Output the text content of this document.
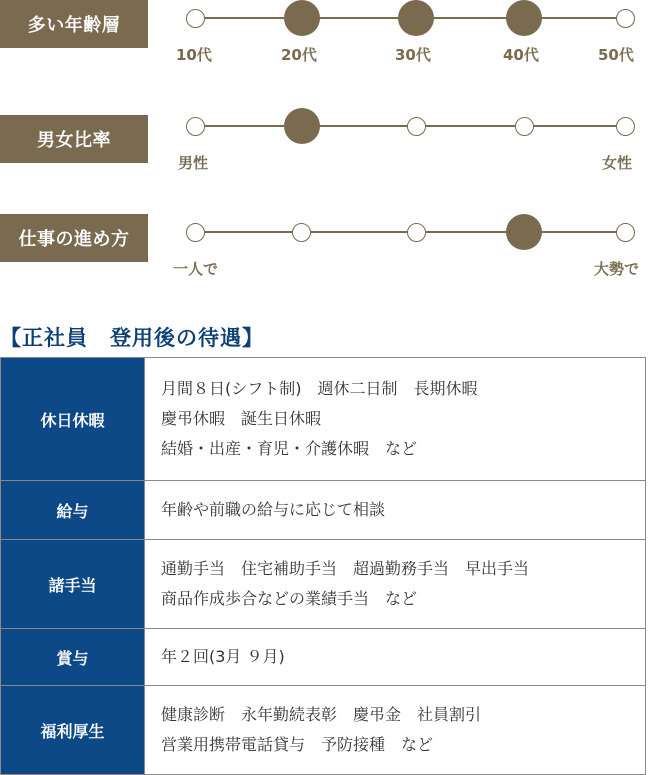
多い年齢層
10代	20代	30代	40代	50代
男女比率
男性	女性
仕事の進め方
一人で	大勢で
【正社員　登用後の待遇】
休日休暇	月間８日(シフト制)　週休二日制　長期休暇
慶弔休暇　誕生日休暇
結婚・出産・育児・介護休暇　など

給与	年齢や前職の給与に応じて相談

諸手当	通勤手当　住宅補助手当　超過勤務手当　早出手当
商品作成歩合などの業績手当　など

賞与	年２回(3月 ９月)

福利厚生	健康診断　永年勤続表彰　慶弔金　社員割引
営業用携帯電話貸与　予防接種　など
